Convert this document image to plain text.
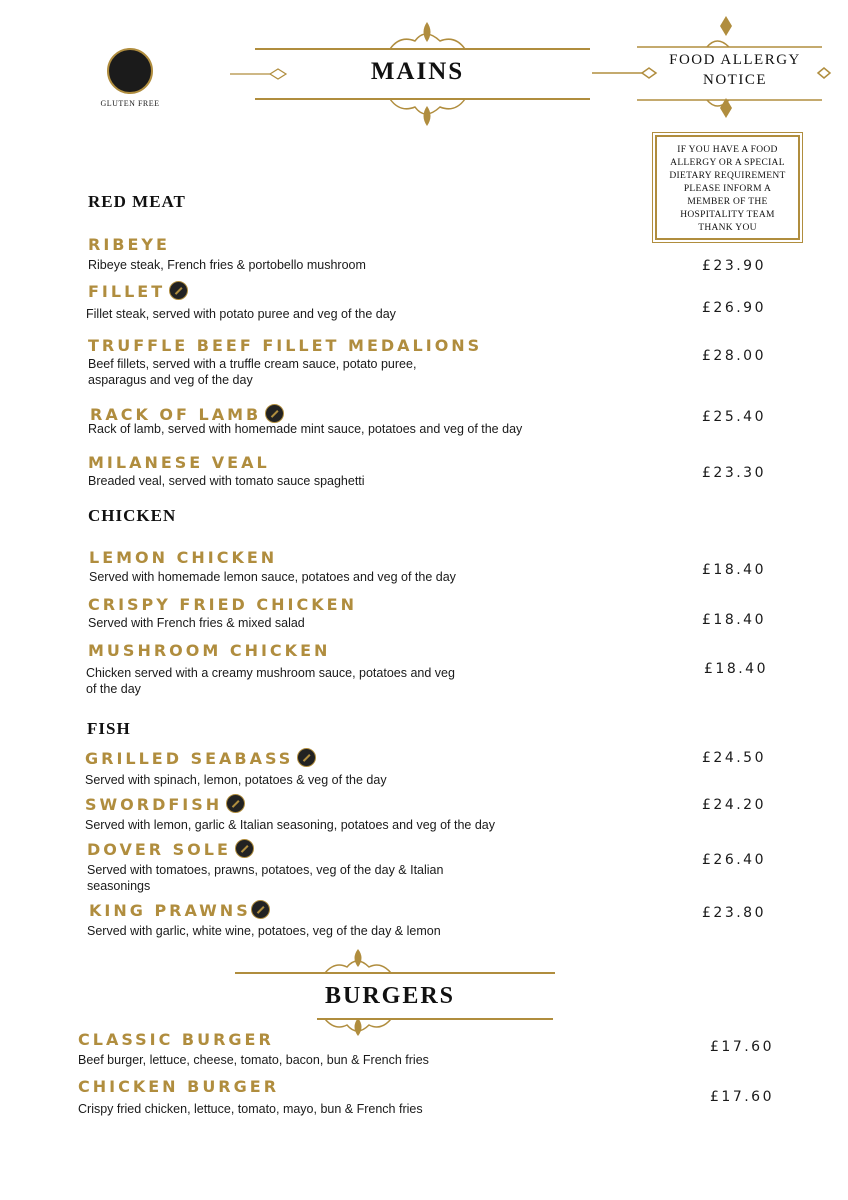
GLUTEN FREE
MAINS	FOOD ALLERGY
NOTICE
IF YOU HAVE A FOOD
ALLERGY OR A SPECIAL
DIETARY REQUIREMENT
PLEASE INFORM A
MEMBER OF THE
HOSPITALITY TEAM
THANK YOU
RED MEAT
RIBEYE
Ribeye steak, French fries & portobello mushroom	£23.90
FILLET
Fillet steak, served with potato puree and veg of the day	£26.90
TRUFFLE BEEF FILLET MEDALIONS
Beef fillets, served with a truffle cream sauce, potato puree,
asparagus and veg of the day
£28.00
RACK OF LAMB
Rack of lamb, served with homemade mint sauce, potatoes and veg of the day
£25.40
MILANESE VEAL
Breaded veal, served with tomato sauce spaghetti	£23.30
CHICKEN
LEMON CHICKEN
Served with homemade lemon sauce, potatoes and veg of the day	£18.40
CRISPY FRIED CHICKEN
Served with French fries & mixed salad	£18.40
MUSHROOM CHICKEN
Chicken served with a creamy mushroom sauce, potatoes and veg
of the day
£18.40
FISH
GRILLED SEABASS
Served with spinach, lemon, potatoes & veg of the day
£24.50
SWORDFISH
Served with lemon, garlic & Italian seasoning, potatoes and veg of the day
£24.20
DOVER SOLE
Served with tomatoes, prawns, potatoes, veg of the day & Italian
seasonings
£26.40
KING PRAWNS
Served with garlic, white wine, potatoes, veg of the day & lemon
£23.80
BURGERS
CLASSIC BURGER
Beef burger, lettuce, cheese, tomato, bacon, bun & French fries
£17.60
CHICKEN BURGER
Crispy fried chicken, lettuce, tomato, mayo, bun & French fries
£17.60
